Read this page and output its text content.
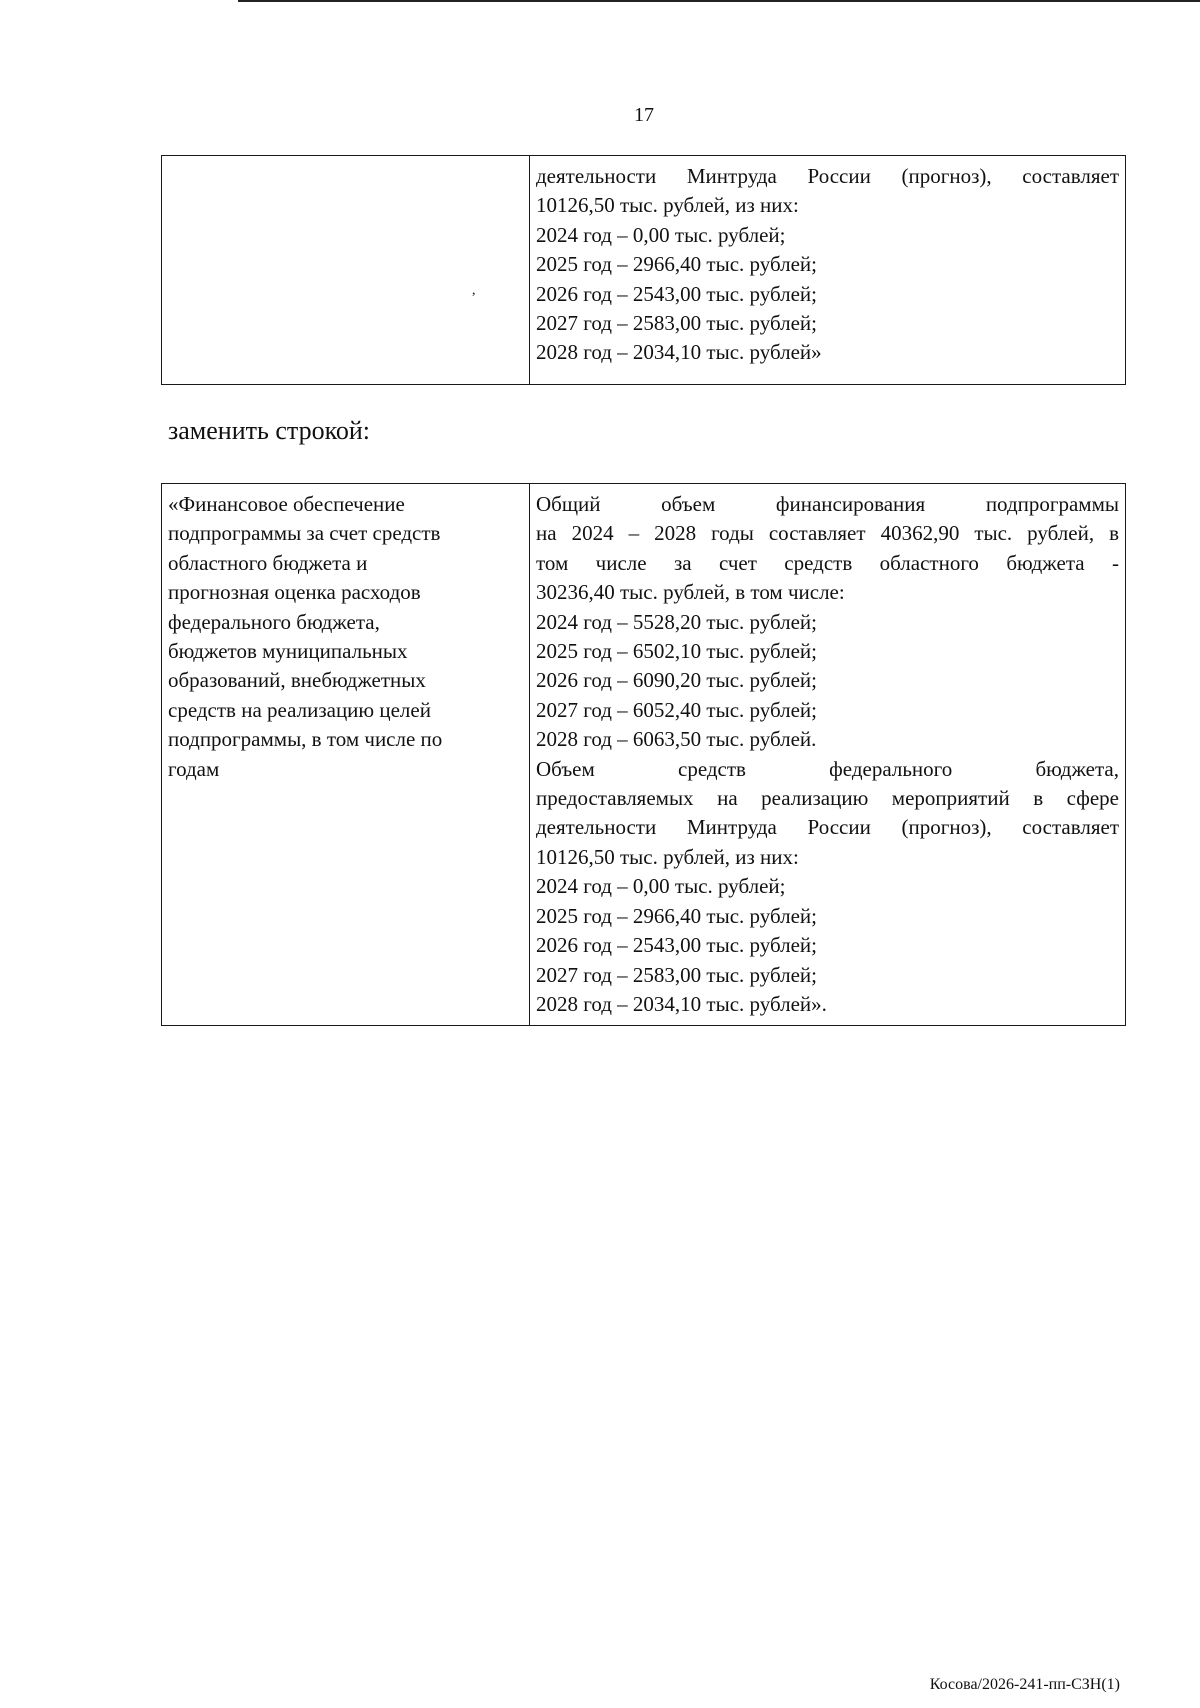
17
,

деятельности Минтруда России (прогноз), составляет
10126,50 тыс. рублей, из них:
2024 год – 0,00 тыс. рублей;
2025 год – 2966,40 тыс. рублей;
2026 год – 2543,00 тыс. рублей;
2027 год – 2583,00 тыс. рублей;
2028 год – 2034,10 тыс. рублей»
заменить строкой:
«Финансовое обеспечение
подпрограммы за счет средств
областного бюджета и
прогнозная оценка расходов
федерального бюджета,
бюджетов муниципальных
образований, внебюджетных
средств на реализацию целей
подпрограммы, в том числе по
годам

Общий объем финансирования подпрограммы
на 2024 – 2028 годы составляет 40362,90 тыс. рублей, в
том числе за счет средств областного бюджета -
30236,40 тыс. рублей, в том числе:
2024 год – 5528,20 тыс. рублей;
2025 год – 6502,10 тыс. рублей;
2026 год – 6090,20 тыс. рублей;
2027 год – 6052,40 тыс. рублей;
2028 год – 6063,50 тыс. рублей.
Объем средств федерального бюджета,
предоставляемых на реализацию мероприятий в сфере
деятельности Минтруда России (прогноз), составляет
10126,50 тыс. рублей, из них:
2024 год – 0,00 тыс. рублей;
2025 год – 2966,40 тыс. рублей;
2026 год – 2543,00 тыс. рублей;
2027 год – 2583,00 тыс. рублей;
2028 год – 2034,10 тыс. рублей».
Косова/2026-241-пп-СЗН(1)
